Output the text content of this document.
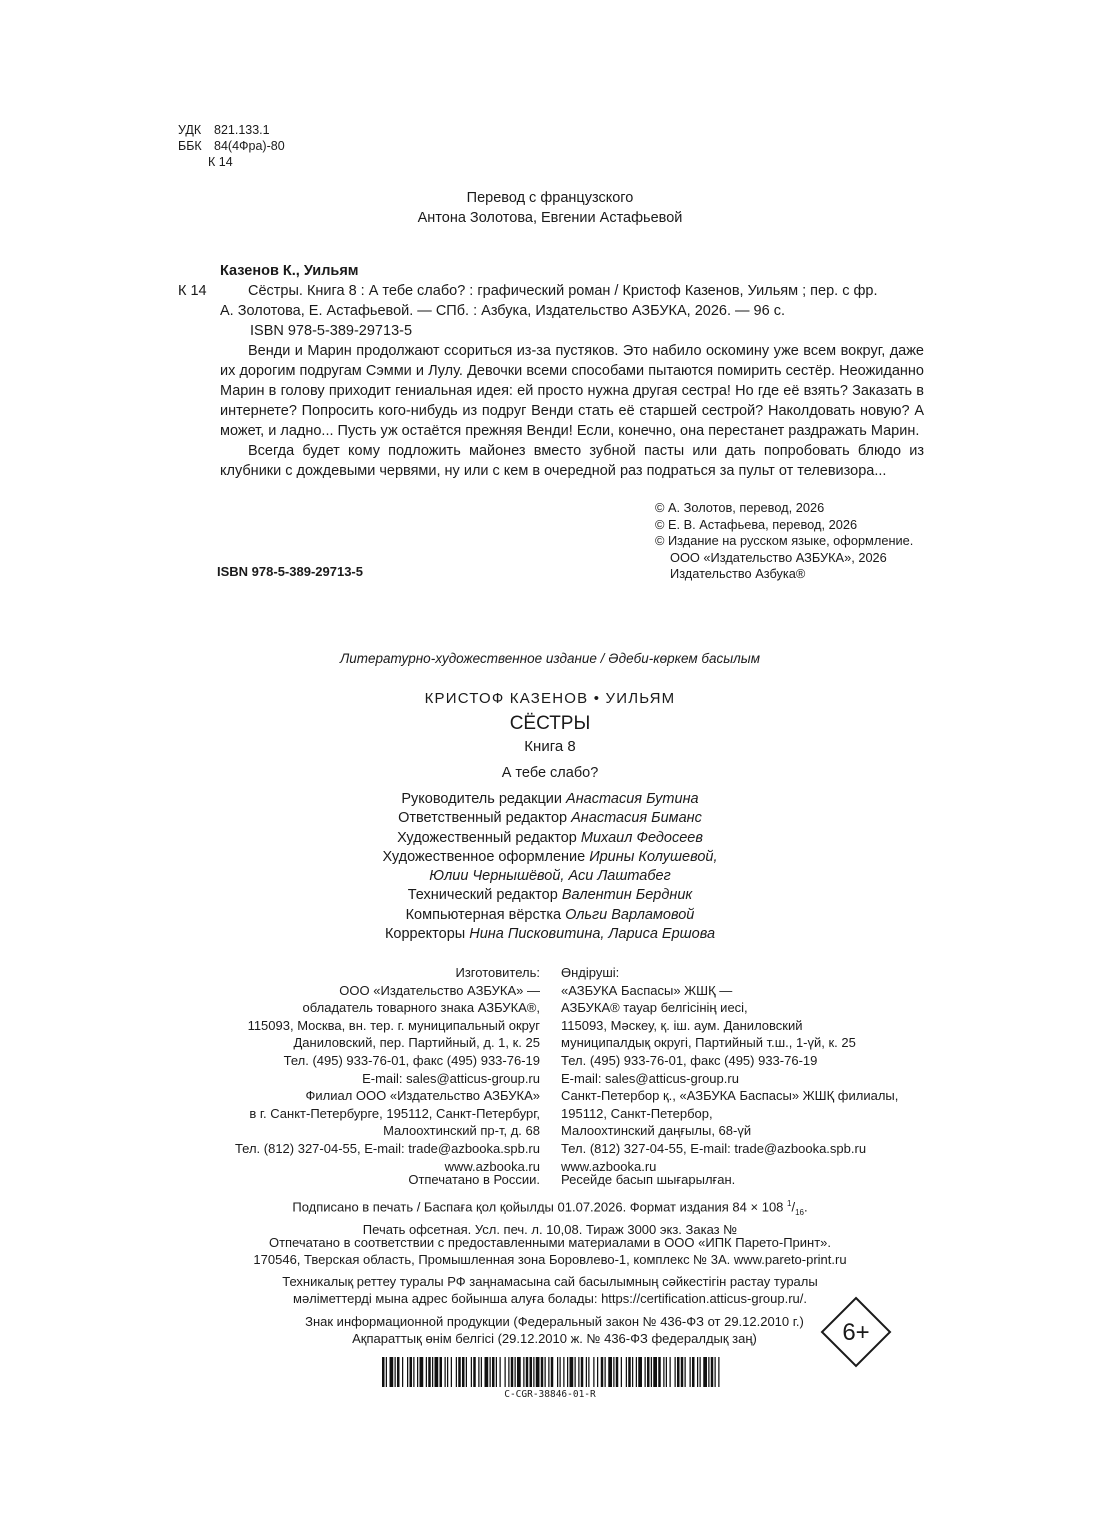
УДК 821.133.1
ББК 84(4Фра)-80
К 14
Перевод с французского
Антона Золотова, Евгении Астафьевой
Казенов К., Уильям
К 14	Сёстры. Книга 8 : А тебе слабо? : графический роман / Кристоф Казенов, Уильям ; пер. с фр.
А. Золотова, Е. Астафьевой. — СПб. : Азбука, Издательство АЗБУКА, 2026. — 96 с.
ISBN 978-5-389-29713-5

Венди и Марин продолжают ссориться из-за пустяков. Это набило оскомину уже всем вокруг, даже их дорогим подругам Сэмми и Лулу. Девочки всеми способами пытаются помирить сестёр. Неожиданно Марин в голову приходит гениальная идея: ей просто нужна другая сестра! Но где её взять? Заказать в интернете? Попросить кого-нибудь из подруг Венди стать её старшей сестрой? Наколдовать новую? А может, и ладно... Пусть уж остаётся прежняя Венди! Если, конечно, она перестанет раздражать Марин.

Всегда будет кому подложить майонез вместо зубной пасты или дать попробовать блюдо из клубники с дождевыми червями, ну или с кем в очередной раз подраться за пульт от телевизора...

© А. Золотов, перевод, 2026
© Е. В. Астафьева, перевод, 2026
© Издание на русском языке, оформление.
ООО «Издательство АЗБУКА», 2026
Издательство Азбука®
ISBN 978-5-389-29713-5
Литературно-художественное издание / Әдеби-көркем басылым
КРИСТОФ КАЗЕНОВ • УИЛЬЯМ
СЁСТРЫ
Книга 8
А тебе слабо?
Руководитель редакции Анастасия Бутина
Ответственный редактор Анастасия Биманс
Художественный редактор Михаил Федосеев
Художественное оформление Ирины Колушевой,
Юлии Чернышёвой, Аси Лаштабег
Технический редактор Валентин Бердник
Компьютерная вёрстка Ольги Варламовой
Корректоры Нина Писковитина, Лариса Ершова
Изготовитель:
ООО «Издательство АЗБУКА» —
обладатель товарного знака АЗБУКА®,
115093, Москва, вн. тер. г. муниципальный округ
Даниловский, пер. Партийный, д. 1, к. 25
Тел. (495) 933-76-01, факс (495) 933-76-19
E-mail: sales@atticus-group.ru
Филиал ООО «Издательство АЗБУКА»
в г. Санкт-Петербурге, 195112, Санкт-Петербург,
Малоохтинский пр-т, д. 68
Тел. (812) 327-04-55, E-mail: trade@azbooka.spb.ru
www.azbooka.ru
Өндіруші:
«АЗБУКА Баспасы» ЖШҚ —
АЗБУКА® тауар белгісінің иесі,
115093, Мәскеу, қ. іш. аум. Даниловский
муниципалдық округі, Партийный т.ш., 1-үй, к. 25
Тел. (495) 933-76-01, факс (495) 933-76-19
E-mail: sales@atticus-group.ru
Санкт-Петербор қ., «АЗБУКА Баспасы» ЖШҚ филиалы,
195112, Санкт-Петербор,
Малоохтинский даңғылы, 68-үй
Тел. (812) 327-04-55, E-mail: trade@azbooka.spb.ru
www.azbooka.ru
Отпечатано в России. Ресейде басып шығарылған.
Подписано в печать / Баспаға қол қойылды 01.07.2026. Формат издания 84 × 108 $^1/_{16}$.
Печать офсетная. Усл. печ. л. 10,08. Тираж 3000 экз. Заказ №
Отпечатано в соответствии с предоставленными материалами в ООО «ИПК Парето-Принт».
170546, Тверская область, Промышленная зона Боровлево-1, комплекс № 3А. www.pareto-print.ru
Техникалық реттеу туралы РФ заңнамасына сай басылымның сәйкестігін растау туралы
мәліметтерді мына адрес бойынша алуға болады: https://certification.atticus-group.ru/.
Знак информационной продукции (Федеральный закон № 436-ФЗ от 29.12.2010 г.)
Ақпараттық өнім белгісі (29.12.2010 ж. № 436-ФЗ федералдық заң)	6+
C-CGR-38846-01-R
